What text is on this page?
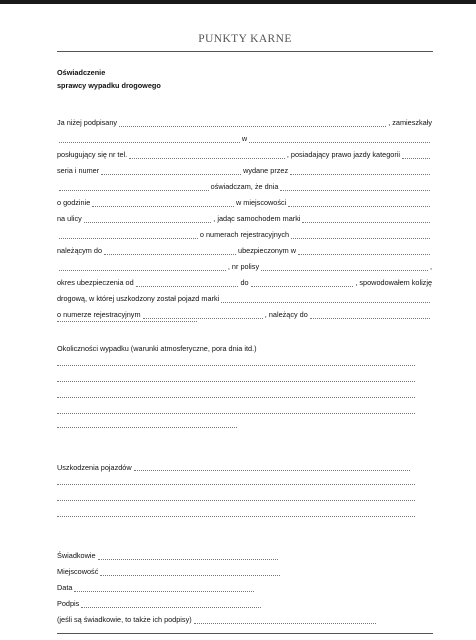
PUNKTY KARNE
Oświadczenie
sprawcy wypadku drogowego
Ja niżej podpisany	, zamieszkały
w
posługujący się nr tel.	, posiadający prawo jazdy kategorii
seria i numer	wydane przez
oświadczam, że dnia
o godzinie	w miejscowości
na ulicy	, jadąc samochodem marki
o numerach rejestracyjnych
należącym do	ubezpieczonym w
, nr polisy	,
okres ubezpieczenia od	do	, spowodowałem kolizję
drogową, w której uszkodzony został pojazd marki
o numerze rejestracyjnym	, należący do
Okoliczności wypadku (warunki atmosferyczne, pora dnia itd.)
Uszkodzenia pojazdów
Świadkowie
Miejscowość
Data
Podpis
(jeśli są świadkowie, to także ich podpisy)
